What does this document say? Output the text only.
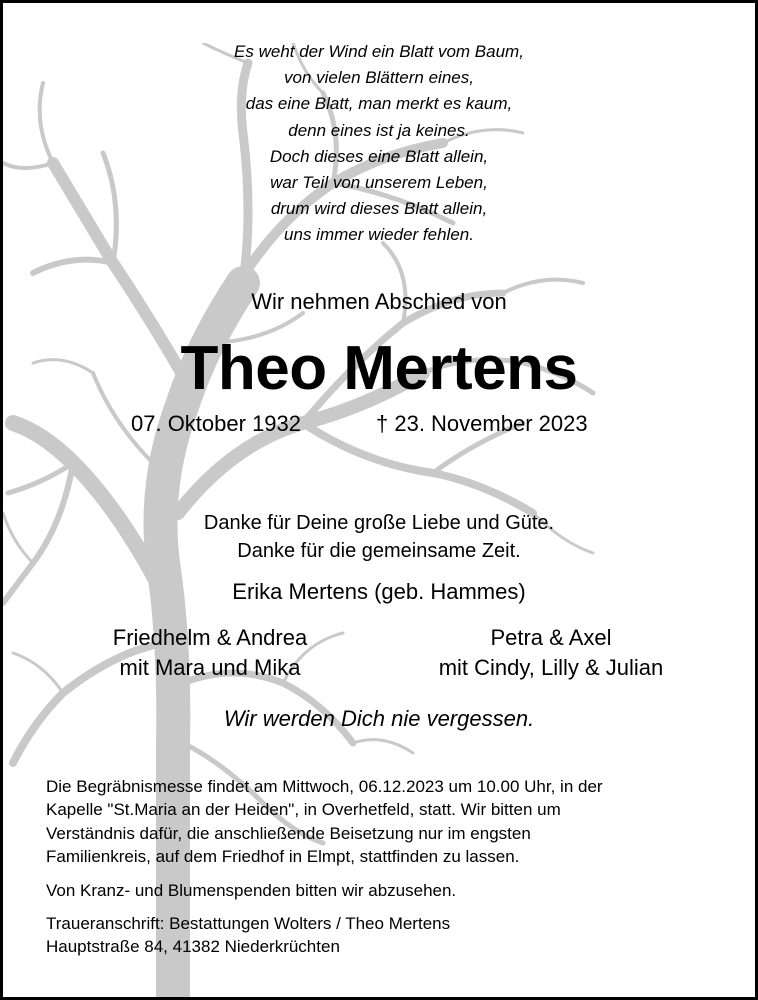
Es weht der Wind ein Blatt vom Baum,
von vielen Blättern eines,
das eine Blatt, man merkt es kaum,
denn eines ist ja keines.
Doch dieses eine Blatt allein,
war Teil von unserem Leben,
drum wird dieses Blatt allein,
uns immer wieder fehlen.
Wir nehmen Abschied von
Theo Mertens
07. Oktober 1932	† 23. November 2023
Danke für Deine große Liebe und Güte.
Danke für die gemeinsame Zeit.
Erika Mertens (geb. Hammes)
Friedhelm & Andrea
mit Mara und Mika
Petra & Axel
mit Cindy, Lilly & Julian
Wir werden Dich nie vergessen.

Die Begräbnismesse findet am Mittwoch, 06.12.2023 um 10.00 Uhr, in der

Kapelle "St.Maria an der Heiden", in Overhetfeld, statt. Wir bitten um

Verständnis dafür, die anschließende Beisetzung nur im engsten

Familienkreis, auf dem Friedhof in Elmpt, stattfinden zu lassen.

Von Kranz- und Blumenspenden bitten wir abzusehen.

Traueranschrift: Bestattungen Wolters / Theo Mertens

Hauptstraße 84, 41382 Niederkrüchten
